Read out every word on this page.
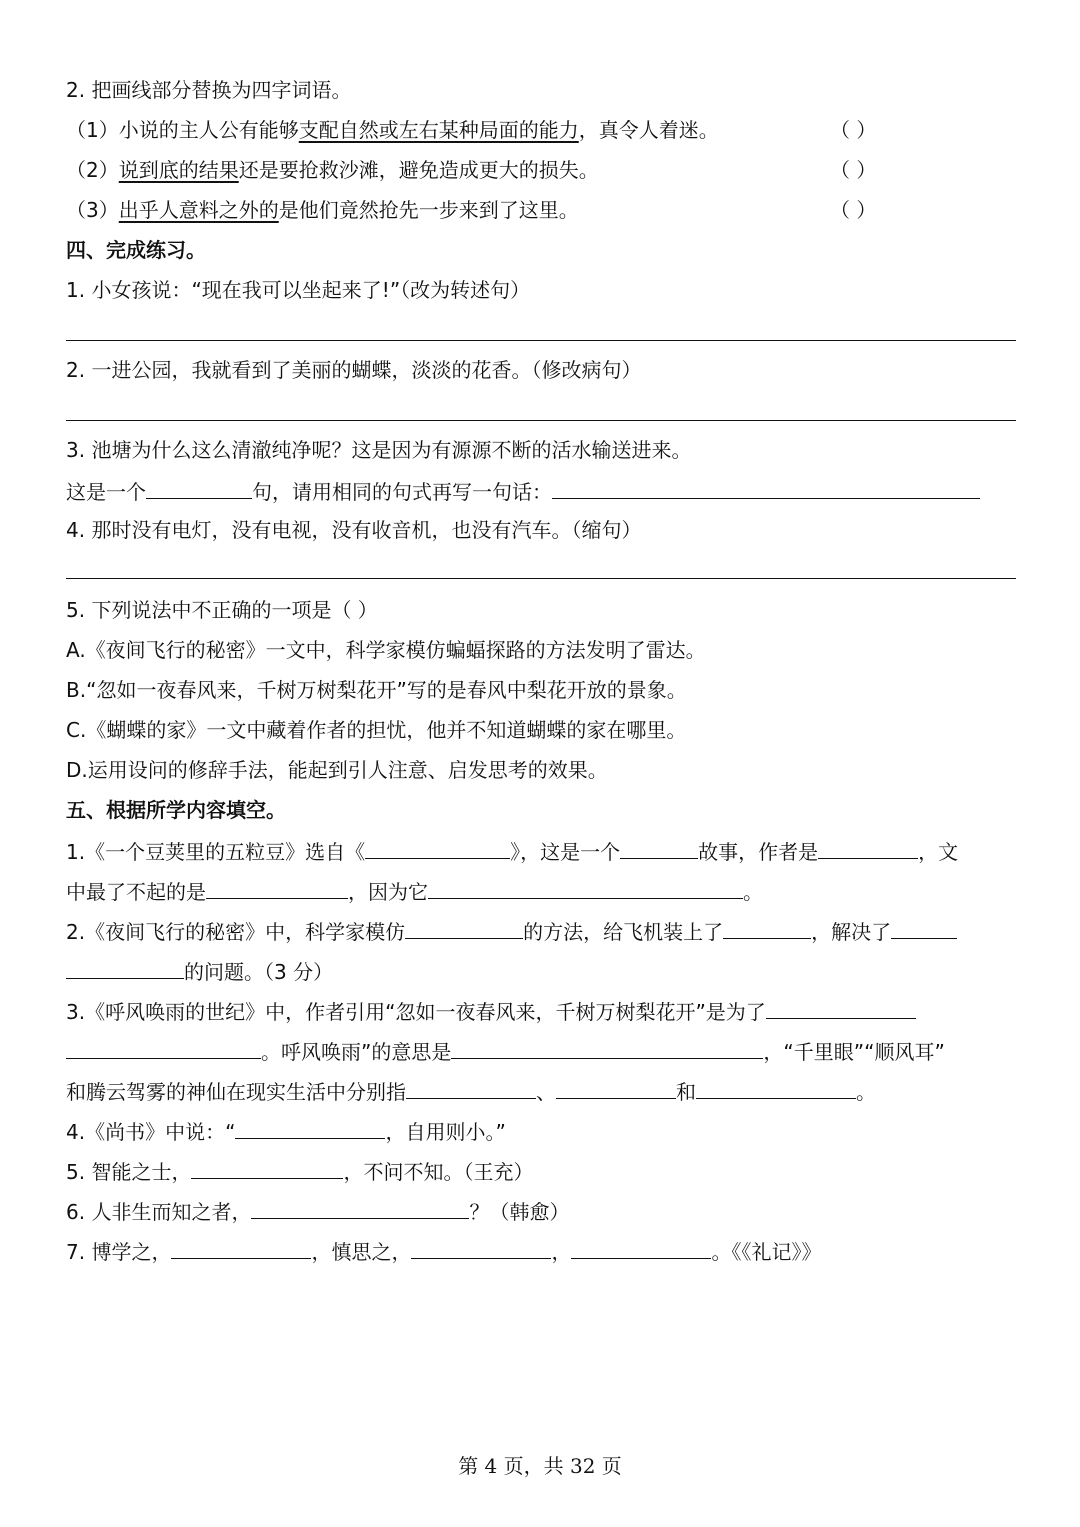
2. 把画线部分替换为四字词语。
（1）小说的主人公有能够支配自然或左右某种局面的能力，真令人着迷。	（ ）
（2）说到底的结果还是要抢救沙滩，避免造成更大的损失。	（ ）
（3）出乎人意料之外的是他们竟然抢先一步来到了这里。	（ ）
四、完成练习。
1. 小女孩说：“现在我可以坐起来了!”（改为转述句）
2. 一进公园，我就看到了美丽的蝴蝶，淡淡的花香。（修改病句）
3. 池塘为什么这么清澈纯净呢？这是因为有源源不断的活水输送进来。
这是一个	句，请用相同的句式再写一句话：
4. 那时没有电灯，没有电视，没有收音机，也没有汽车。（缩句）
5. 下列说法中不正确的一项是（ ）
A.《夜间飞行的秘密》一文中，科学家模仿蝙蝠探路的方法发明了雷达。
B.“忽如一夜春风来，千树万树梨花开”写的是春风中梨花开放的景象。
C.《蝴蝶的家》一文中藏着作者的担忧，他并不知道蝴蝶的家在哪里。
D.运用设问的修辞手法，能起到引人注意、启发思考的效果。
五、根据所学内容填空。
1.《一个豆荚里的五粒豆》选自《	》，这是一个	故事，作者是	，文
中最了不起的是	，因为它	。
2.《夜间飞行的秘密》中，科学家模仿	的方法，给飞机装上了	，解决了
的问题。（3 分）
3.《呼风唤雨的世纪》中，作者引用“忽如一夜春风来，千树万树梨花开”是为了
。呼风唤雨”的意思是	，“千里眼”“顺风耳”
和腾云驾雾的神仙在现实生活中分别指	、	和	。
4.《尚书》中说：“	，自用则小。”
5. 智能之士，	，不问不知。（王充）
6. 人非生而知之者，	？（韩愈）
7. 博学之，	，慎思之，	，	。《《礼记》》
第 4 页，共 32 页
